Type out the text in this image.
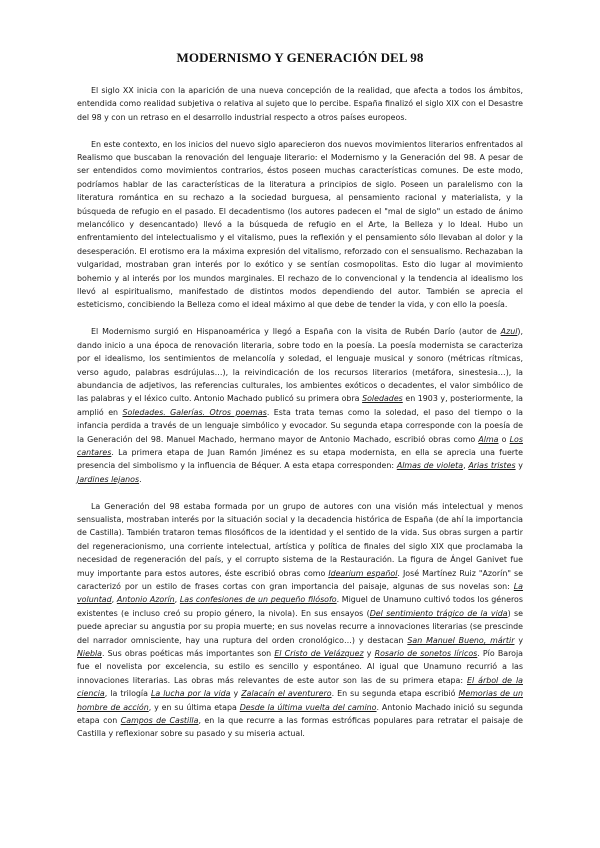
MODERNISMO Y GENERACIÓN DEL 98

El siglo XX inicia con la aparición de una nueva concepción de la realidad, que afecta a todos los ámbitos, entendida como realidad subjetiva o relativa al sujeto que lo percibe. España finalizó el siglo XIX con el Desastre del 98 y con un retraso en el desarrollo industrial respecto a otros países europeos.

En este contexto, en los inicios del nuevo siglo aparecieron dos nuevos movimientos literarios enfrentados al Realismo que buscaban la renovación del lenguaje literario: el Modernismo y la Generación del 98. A pesar de ser entendidos como movimientos contrarios, éstos poseen muchas características comunes. De este modo, podríamos hablar de las características de la literatura a principios de siglo. Poseen un paralelismo con la literatura romántica en su rechazo a la sociedad burguesa, al pensamiento racional y materialista, y la búsqueda de refugio en el pasado. El decadentismo (los autores padecen el "mal de siglo" un estado de ánimo melancólico y desencantado) llevó a la búsqueda de refugio en el Arte, la Belleza y lo Ideal. Hubo un enfrentamiento del intelectualismo y el vitalismo, pues la reflexión y el pensamiento sólo llevaban al dolor y la desesperación. El erotismo era la máxima expresión del vitalismo, reforzado con el sensualismo. Rechazaban la vulgaridad, mostraban gran interés por lo exótico y se sentían cosmopolitas. Esto dio lugar al movimiento bohemio y al interés por los mundos marginales. El rechazo de lo convencional y la tendencia al idealismo los llevó al espiritualismo, manifestado de distintos modos dependiendo del autor. También se aprecia el esteticismo, concibiendo la Belleza como el ideal máximo al que debe de tender la vida, y con ello la poesía.

El Modernismo surgió en Hispanoamérica y llegó a España con la visita de Rubén Darío (autor de Azul), dando inicio a una época de renovación literaria, sobre todo en la poesía. La poesía modernista se caracteriza por el idealismo, los sentimientos de melancolía y soledad, el lenguaje musical y sonoro (métricas rítmicas, verso agudo, palabras esdrújulas…), la reivindicación de los recursos literarios (metáfora, sinestesia…), la abundancia de adjetivos, las referencias culturales, los ambientes exóticos o decadentes, el valor simbólico de las palabras y el léxico culto. Antonio Machado publicó su primera obra Soledades en 1903 y, posteriormente, la amplió en Soledades. Galerías. Otros poemas. Esta trata temas como la soledad, el paso del tiempo o la infancia perdida a través de un lenguaje simbólico y evocador. Su segunda etapa corresponde con la poesía de la Generación del 98. Manuel Machado, hermano mayor de Antonio Machado, escribió obras como Alma o Los cantares. La primera etapa de Juan Ramón Jiménez es su etapa modernista, en ella se aprecia una fuerte presencia del simbolismo y la influencia de Béquer. A esta etapa corresponden: Almas de violeta, Arias tristes y Jardines lejanos.

La Generación del 98 estaba formada por un grupo de autores con una visión más intelectual y menos sensualista, mostraban interés por la situación social y la decadencia histórica de España (de ahí la importancia de Castilla). También trataron temas filosóficos de la identidad y el sentido de la vida. Sus obras surgen a partir del regeneracionismo, una corriente intelectual, artística y política de finales del siglo XIX que proclamaba la necesidad de regeneración del país, y el corrupto sistema de la Restauración. La figura de Ángel Ganivet fue muy importante para estos autores, éste escribió obras como Idearium español. José Martínez Ruiz "Azorín" se caracterizó por un estilo de frases cortas con gran importancia del paisaje, algunas de sus novelas son: La voluntad, Antonio Azorín, Las confesiones de un pequeño filósofo. Miguel de Unamuno cultivó todos los géneros existentes (e incluso creó su propio género, la nivola). En sus ensayos (Del sentimiento trágico de la vida) se puede apreciar su angustia por su propia muerte; en sus novelas recurre a innovaciones literarias (se prescinde del narrador omnisciente, hay una ruptura del orden cronológico…) y destacan San Manuel Bueno, mártir y Niebla. Sus obras poéticas más importantes son El Cristo de Velázquez y Rosario de sonetos líricos. Pío Baroja fue el novelista por excelencia, su estilo es sencillo y espontáneo. Al igual que Unamuno recurrió a las innovaciones literarias. Las obras más relevantes de este autor son las de su primera etapa: El árbol de la ciencia, la trilogía La lucha por la vida y Zalacaín el aventurero. En su segunda etapa escribió Memorias de un hombre de acción, y en su última etapa Desde la última vuelta del camino. Antonio Machado inició su segunda etapa con Campos de Castilla, en la que recurre a las formas estróficas populares para retratar el paisaje de Castilla y reflexionar sobre su pasado y su miseria actual.
